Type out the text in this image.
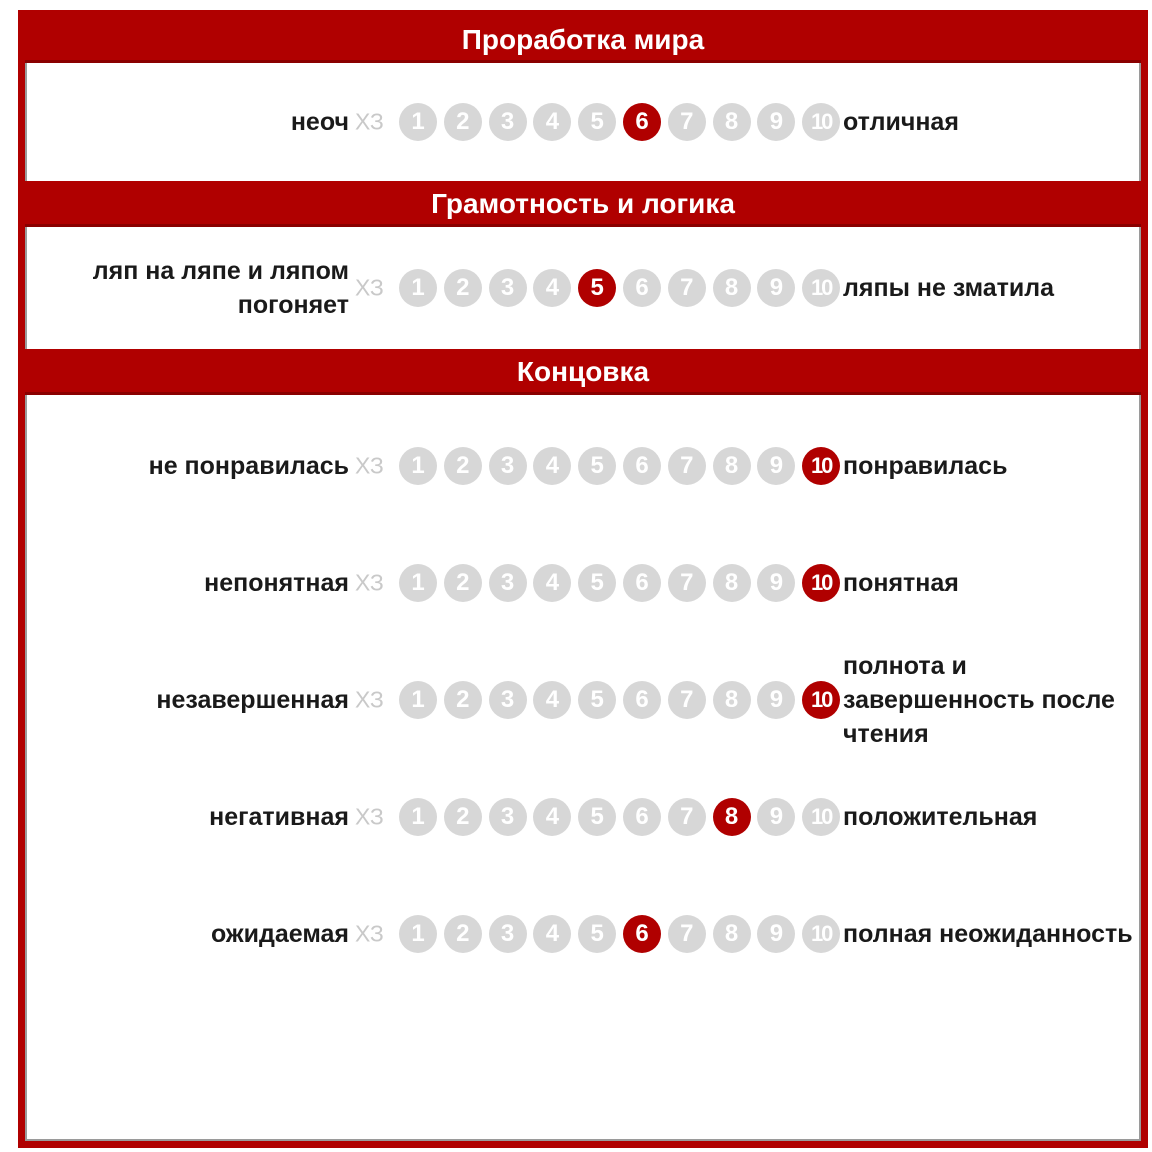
Проработка мира
неоч ХЗ	1	2	3	4	5	6	7	8	9	10 отличная
Грамотность и логика
ляп на ляпе и ляпом погоняет
ХЗ	1	2	3	4	5	6	7	8	9	10 ляпы не зматила
Концовка
не понравилась ХЗ	1	2	3	4	5	6	7	8	9	10 понравилась
непонятная ХЗ	1	2	3	4	5	6	7	8	9	10 понятная
незавершенная ХЗ	1	2	3	4	5	6	7	8	9	10
полнота и завершенность после чтения
негативная ХЗ	1	2	3	4	5	6	7	8	9	10 положительная
ожидаемая ХЗ	1	2	3	4	5	6	7	8	9	10 полная неожиданность
